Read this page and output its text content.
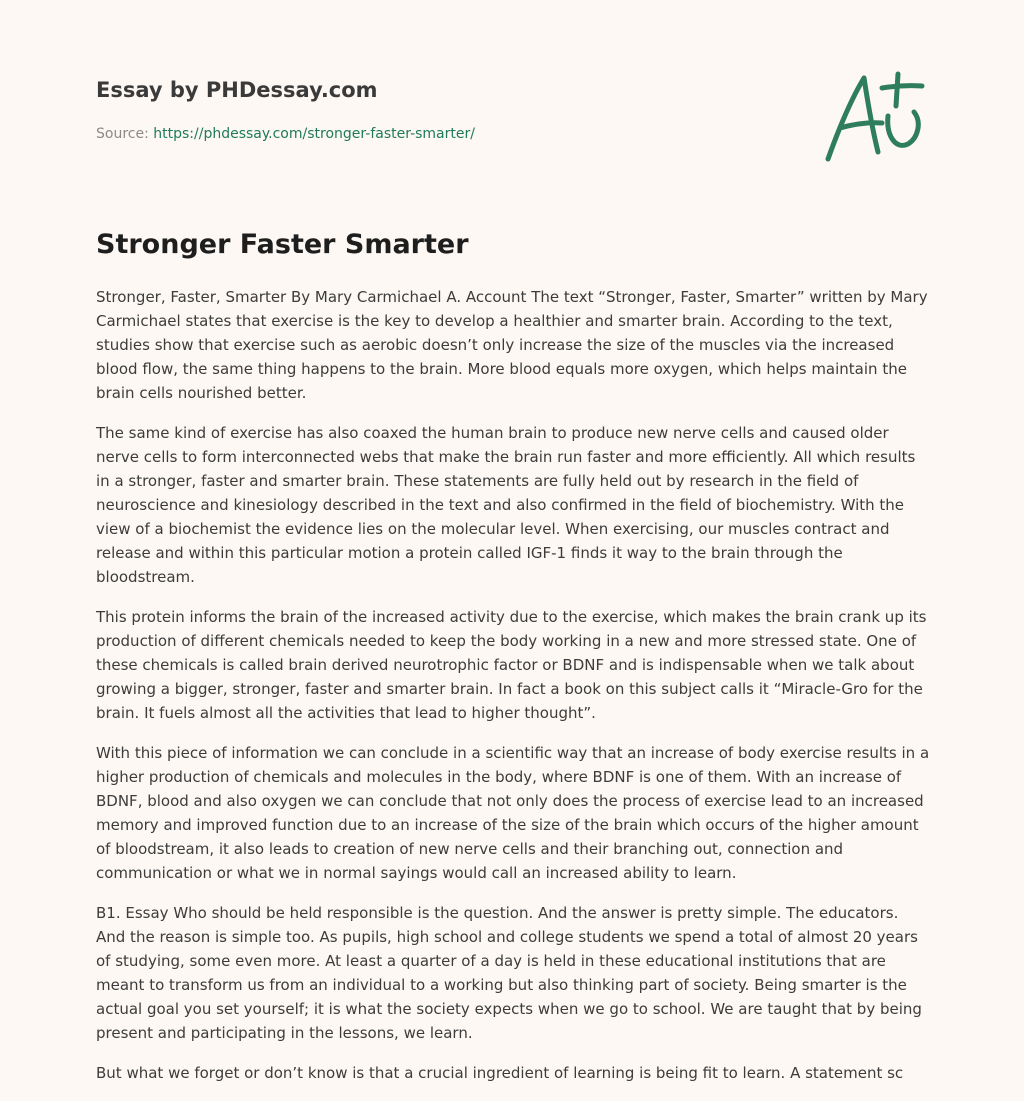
Essay by PHDessay.com
Source: https://phdessay.com/stronger-faster-smarter/
Stronger Faster Smarter

Stronger, Faster, Smarter By Mary Carmichael A. Account The text “Stronger, Faster, Smarter” written by Mary Carmichael states that exercise is the key to develop a healthier and smarter brain. According to the text, studies show that exercise such as aerobic doesn’t only increase the size of the muscles via the increased blood flow, the same thing happens to the brain. More blood equals more oxygen, which helps maintain the brain cells nourished better.

The same kind of exercise has also coaxed the human brain to produce new nerve cells and caused older nerve cells to form interconnected webs that make the brain run faster and more efficiently. All which results in a stronger, faster and smarter brain. These statements are fully held out by research in the field of neuroscience and kinesiology described in the text and also confirmed in the field of biochemistry. With the view of a biochemist the evidence lies on the molecular level. When exercising, our muscles contract and release and within this particular motion a protein called IGF-1 finds it way to the brain through the bloodstream.

This protein informs the brain of the increased activity due to the exercise, which makes the brain crank up its production of different chemicals needed to keep the body working in a new and more stressed state. One of these chemicals is called brain derived neurotrophic factor or BDNF and is indispensable when we talk about growing a bigger, stronger, faster and smarter brain. In fact a book on this subject calls it “Miracle-Gro for the brain. It fuels almost all the activities that lead to higher thought”.

With this piece of information we can conclude in a scientific way that an increase of body exercise results in a higher production of chemicals and molecules in the body, where BDNF is one of them. With an increase of BDNF, blood and also oxygen we can conclude that not only does the process of exercise lead to an increased memory and improved function due to an increase of the size of the brain which occurs of the higher amount of bloodstream, it also leads to creation of new nerve cells and their branching out, connection and communication or what we in normal sayings would call an increased ability to learn.

B1. Essay Who should be held responsible is the question. And the answer is pretty simple. The educators. And the reason is simple too. As pupils, high school and college students we spend a total of almost 20 years of studying, some even more. At least a quarter of a day is held in these educational institutions that are meant to transform us from an individual to a working but also thinking part of society. Being smarter is the actual goal you set yourself; it is what the society expects when we go to school. We are taught that by being present and participating in the lessons, we learn.

But what we forget or don’t know is that a crucial ingredient of learning is being fit to learn. A statement sc
